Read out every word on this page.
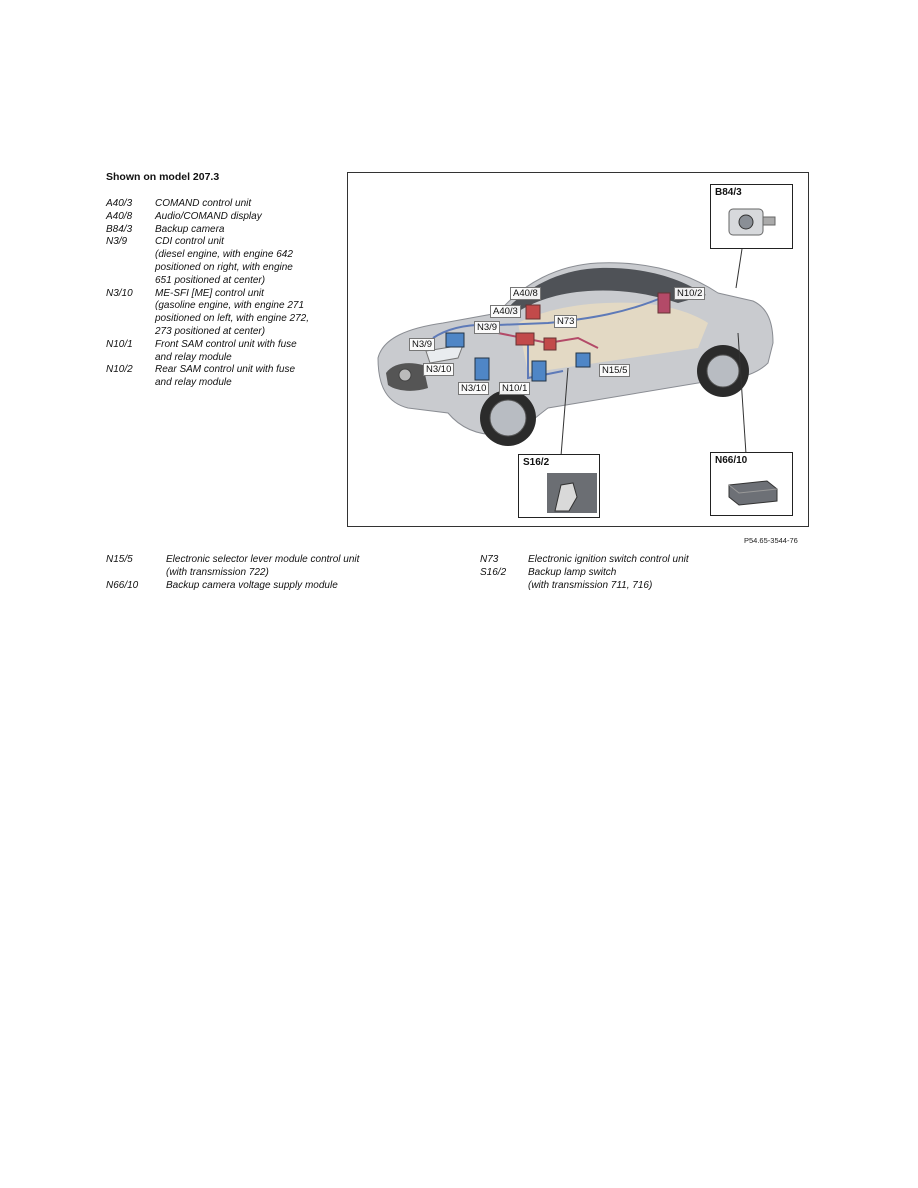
Shown on model 207.3
A40/3	COMAND control unit
A40/8	Audio/COMAND display
B84/3	Backup camera
N3/9	CDI control unit
(diesel engine, with engine 642
positioned on right, with engine
651 positioned at center)
N3/10	ME-SFI [ME] control unit
(gasoline engine, with engine 271
positioned on left, with engine 272,
273 positioned at center)
N10/1	Front SAM control unit with fuse
and relay module
N10/2	Rear SAM control unit with fuse
and relay module
A40/8
A40/3
N3/9
N3/9
N73
N10/2
N3/10
N3/10	N10/1
N15/5
B84/3
S16/2	N66/10
P54.65-3544-76
N15/5	Electronic selector lever module control unit
(with transmission 722)
N66/10	Backup camera voltage supply module
N73	Electronic ignition switch control unit
S16/2	Backup lamp switch
(with transmission 711, 716)
